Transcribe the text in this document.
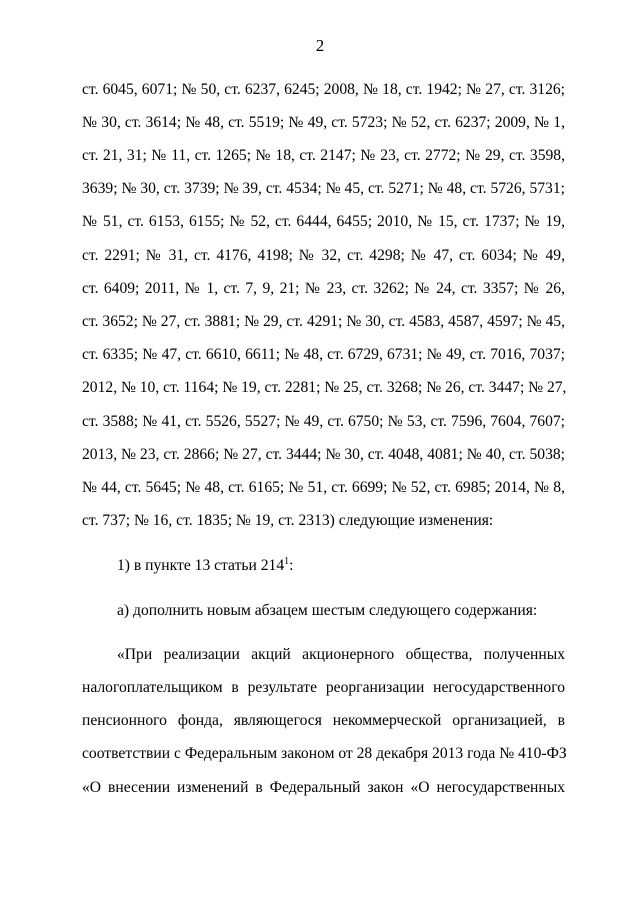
2
ст. 6045, 6071; № 50, ст. 6237, 6245; 2008, № 18, ст. 1942; № 27, ст. 3126;
№ 30, ст. 3614; № 48, ст. 5519; № 49, ст. 5723; № 52, ст. 6237; 2009, № 1,
ст. 21, 31; № 11, ст. 1265; № 18, ст. 2147; № 23, ст. 2772; № 29, ст. 3598,
3639; № 30, ст. 3739; № 39, ст. 4534; № 45, ст. 5271; № 48, ст. 5726, 5731;
№ 51, ст. 6153, 6155; № 52, ст. 6444, 6455; 2010, № 15, ст. 1737; № 19,
ст. 2291; № 31, ст. 4176, 4198; № 32, ст. 4298; № 47, ст. 6034; № 49,
ст. 6409; 2011, № 1, ст. 7, 9, 21; № 23, ст. 3262; № 24, ст. 3357; № 26,
ст. 3652; № 27, ст. 3881; № 29, ст. 4291; № 30, ст. 4583, 4587, 4597; № 45,
ст. 6335; № 47, ст. 6610, 6611; № 48, ст. 6729, 6731; № 49, ст. 7016, 7037;
2012, № 10, ст. 1164; № 19, ст. 2281; № 25, ст. 3268; № 26, ст. 3447; № 27,
ст. 3588; № 41, ст. 5526, 5527; № 49, ст. 6750; № 53, ст. 7596, 7604, 7607;
2013, № 23, ст. 2866; № 27, ст. 3444; № 30, ст. 4048, 4081; № 40, ст. 5038;
№ 44, ст. 5645; № 48, ст. 6165; № 51, ст. 6699; № 52, ст. 6985; 2014, № 8,
ст. 737; № 16, ст. 1835; № 19, ст. 2313) следующие изменения:
1) в пункте 13 статьи $214^1$:
а) дополнить новым абзацем шестым следующего содержания:
«При реализации акций акционерного общества, полученных
налогоплательщиком в результате реорганизации негосударственного
пенсионного фонда, являющегося некоммерческой организацией, в
соответствии с Федеральным законом от 28 декабря 2013 года № 410-ФЗ
«О внесении изменений в Федеральный закон «О негосударственных
